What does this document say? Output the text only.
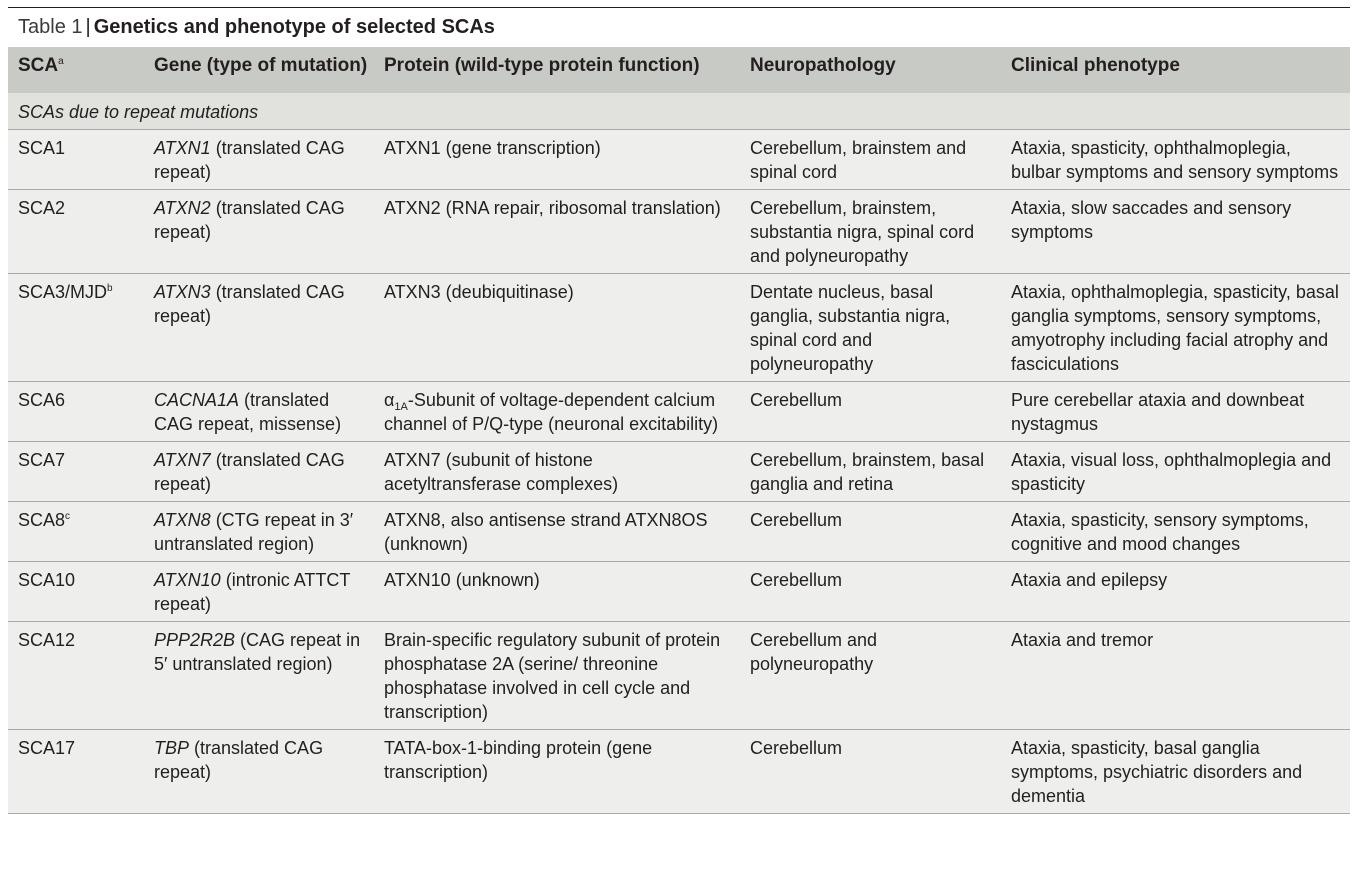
Table 1 | Genetics and phenotype of selected SCAs
SCA$^a$	Gene (type of mutation)	Protein (wild-type protein function)	Neuropathology	Clinical phenotype
SCAs due to repeat mutations				
SCA1	ATXN1 (translated CAG repeat)	ATXN1 (gene transcription)	Cerebellum, brainstem and spinal cord	Ataxia, spasticity, ophthalmoplegia, bulbar symptoms and sensory symptoms
SCA2	ATXN2 (translated CAG repeat)	ATXN2 (RNA repair, ribosomal translation)	Cerebellum, brainstem, substantia nigra, spinal cord and polyneuropathy	Ataxia, slow saccades and sensory symptoms
SCA3/MJD$^b$	ATXN3 (translated CAG repeat)	ATXN3 (deubiquitinase)	Dentate nucleus, basal ganglia, substantia nigra, spinal cord and polyneuropathy	Ataxia, ophthalmoplegia, spasticity, basal ganglia symptoms, sensory symptoms, amyotrophy including facial atrophy and fasciculations
SCA6	CACNA1A (translated CAG repeat, missense)	$\alpha_{1A}$-Subunit of voltage-dependent calcium channel of P/Q-type (neuronal excitability)	Cerebellum	Pure cerebellar ataxia and downbeat nystagmus
SCA7	ATXN7 (translated CAG repeat)	ATXN7 (subunit of histone acetyltransferase complexes)	Cerebellum, brainstem, basal ganglia and retina	Ataxia, visual loss, ophthalmoplegia and spasticity
SCA8$^c$	ATXN8 (CTG repeat in 3′ untranslated region)	ATXN8, also antisense strand ATXN8OS (unknown)	Cerebellum	Ataxia, spasticity, sensory symptoms, cognitive and mood changes
SCA10	ATXN10 (intronic ATTCT repeat)	ATXN10 (unknown)	Cerebellum	Ataxia and epilepsy
SCA12	PPP2R2B (CAG repeat in 5′ untranslated region)	Brain-specific regulatory subunit of protein phosphatase 2A (serine/ threonine phosphatase involved in cell cycle and transcription)	Cerebellum and polyneuropathy	Ataxia and tremor
SCA17	TBP (translated CAG repeat)	TATA-box-1-binding protein (gene transcription)	Cerebellum	Ataxia, spasticity, basal ganglia symptoms, psychiatric disorders and dementia
